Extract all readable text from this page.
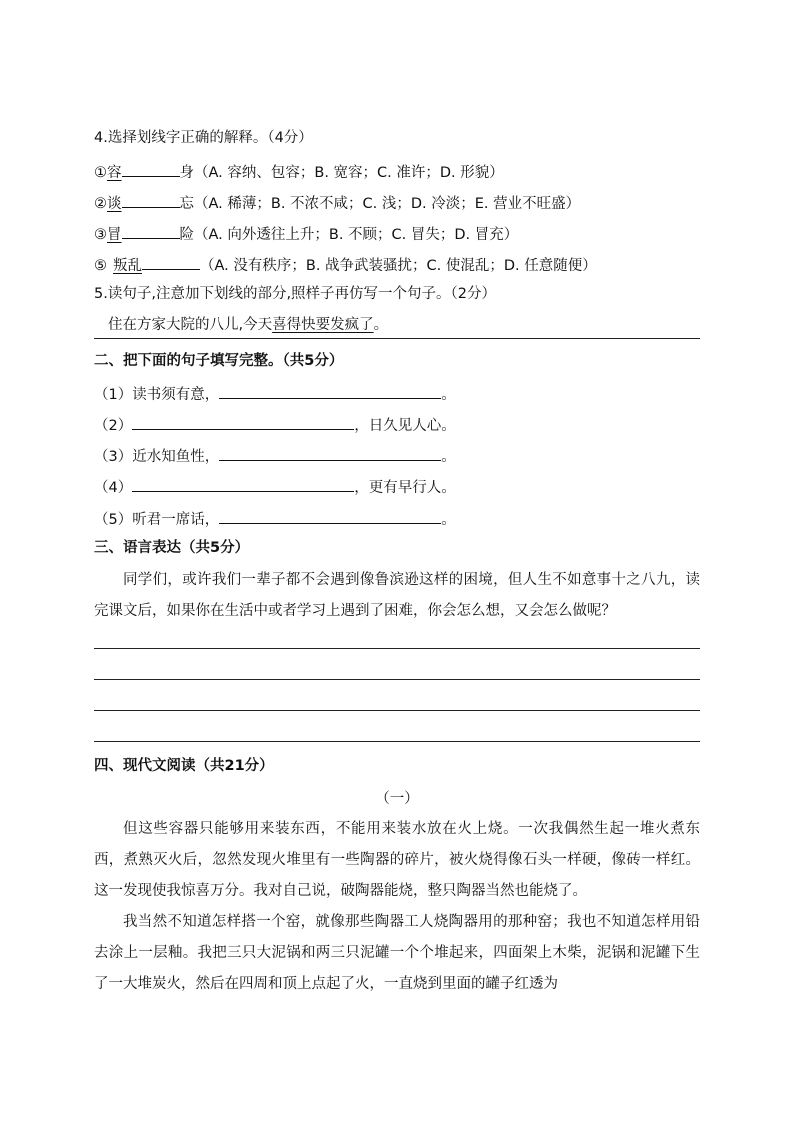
4.选择划线字正确的解释。（4分）
①容	身（A. 容纳、包容；B. 宽容；C. 准许；D. 形貌）
②谈	忘（A. 稀薄；B. 不浓不咸；C. 浅；D. 冷淡；E. 营业不旺盛）
③冒	险（A. 向外透往上升；B. 不顾；C. 冒失；D. 冒充）
⑤ 叛乱	（A. 没有秩序；B. 战争武装骚扰；C. 使混乱；D. 任意随便）
5.读句子,注意加下划线的部分,照样子再仿写一个句子。（2分）
住在方家大院的八儿,今天喜得快要发疯了。
二、把下面的句子填写完整。（共5分）
（1）读书须有意，	。
（2）	，日久见人心。
（3）近水知鱼性，	。
（4）	，更有早行人。
（5）听君一席话，	。
三、语言表达（共5分）

同学们，或许我们一辈子都不会遇到像鲁滨逊这样的困境，但人生不如意事十之八九，读完课文后，如果你在生活中或者学习上遇到了困难，你会怎么想，又会怎么做呢？

四、现代文阅读（共21分）
（一）

但这些容器只能够用来装东西，不能用来装水放在火上烧。一次我偶然生起一堆火煮东西，煮熟灭火后，忽然发现火堆里有一些陶器的碎片，被火烧得像石头一样硬，像砖一样红。这一发现使我惊喜万分。我对自己说，破陶器能烧，整只陶器当然也能烧了。

我当然不知道怎样搭一个窑，就像那些陶器工人烧陶器用的那种窑；我也不知道怎样用铅去涂上一层釉。我把三只大泥锅和两三只泥罐一个个堆起来，四面架上木柴，泥锅和泥罐下生了一大堆炭火，然后在四周和顶上点起了火，一直烧到里面的罐子红透为
